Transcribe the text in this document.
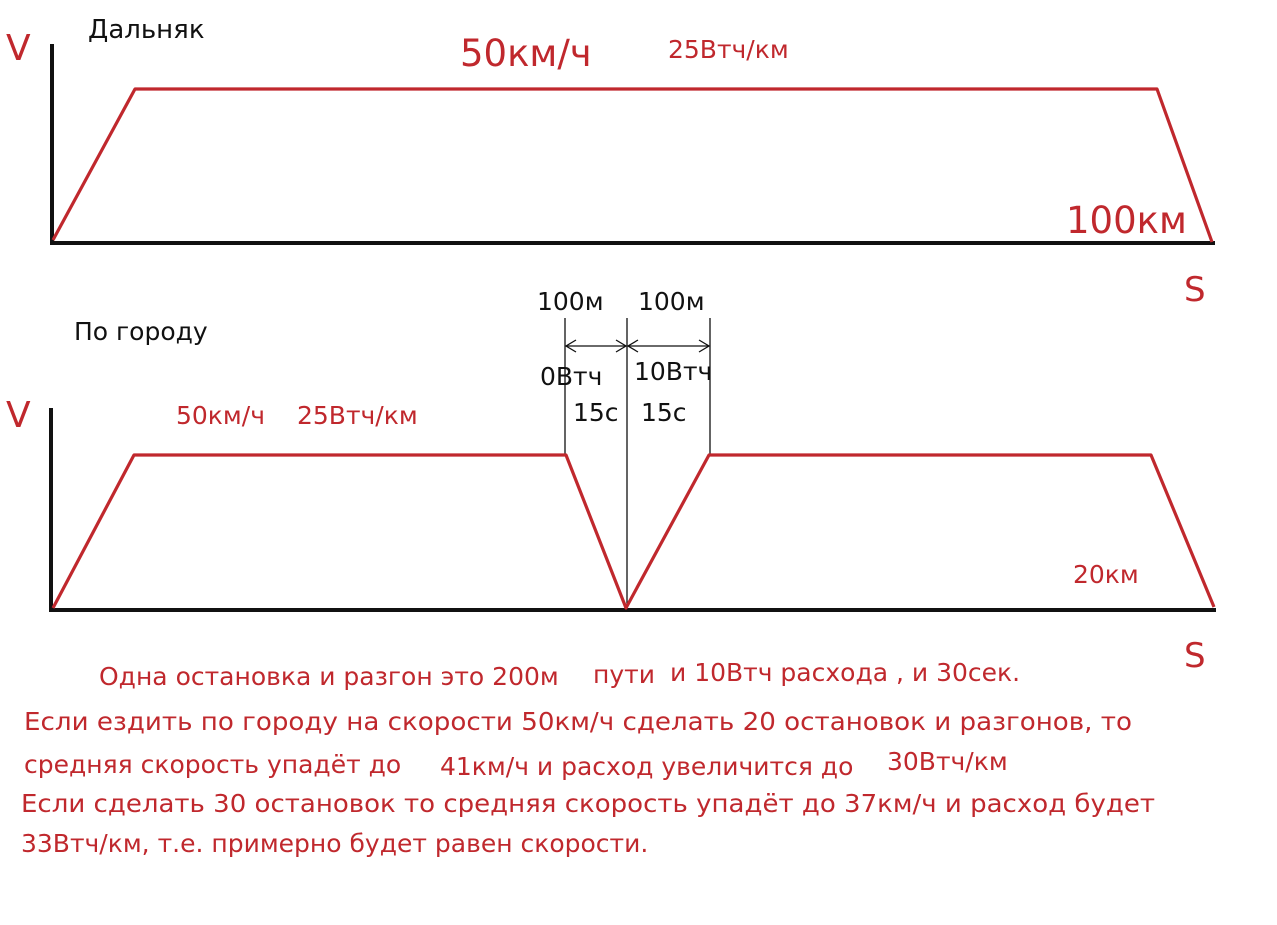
V Дальняк
50км/ч	25Втч/км
100км
S
V
По городу
50км/ч 25Втч/км
100м 100м
0Втч 10Втч
15с 15с
20км
S
Одна остановка и разгон это 200м пути и 10Втч расхода , и 30сек.
Если ездить по городу на скорости 50км/ч сделать 20 остановок и разгонов, то
средняя скорость упадёт до 41км/ч и расход увеличится до 30Втч/км
Если сделать 30 остановок то средняя скорость упадёт до 37км/ч и расход будет
33Втч/км, т.е. примерно будет равен скорости.
